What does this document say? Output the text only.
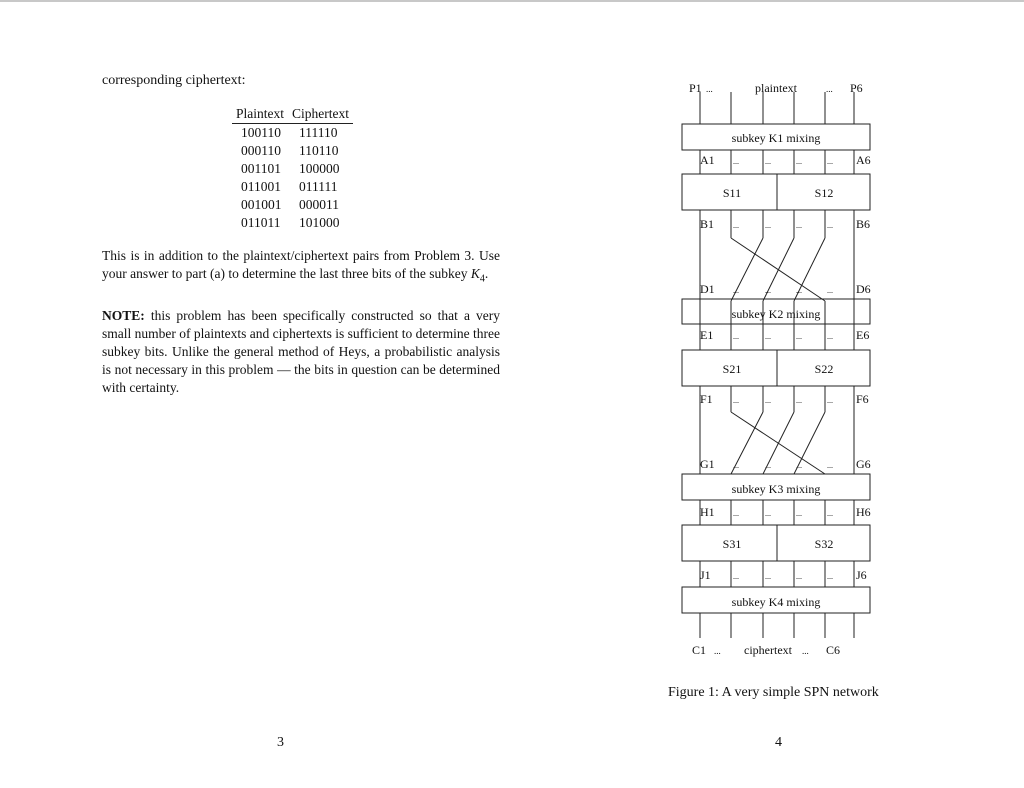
corresponding ciphertext:
Plaintext	Ciphertext
100110	111110
000110	110110
001101	100000
011001	011111
001001	000011
011011	101000
This is in addition to the plaintext/ciphertext pairs from Problem 3. Use your answer to part (a) to determine the last three bits of the subkey $K_4$.
NOTE: this problem has been specifically constructed so that a very small number of plaintexts and ciphertexts is sufficient to determine three subkey bits. Unlike the general method of Heys, a probabilistic analysis is not necessary in this problem — the bits in question can be determined with certainty.
3
P1 ...	plaintext	... P6
subkey K1 mixing
subkey K2 mixing
subkey K3 mixing
subkey K4 mixing
S11	S12
S21	S22
S31	S32
A1	A6
B1	B6
D1	D6
E1	E6
F1	F6
G1	G6
H1	H6
J1	J6
...	...	...	...
...	...	...	...
...	...	...	...
...	...	...	...
...	...	...	...
...	...	...	...
...	...	...	...
...	...	...	...
C1 ... ciphertext ... C6
Figure 1: A very simple SPN network
4
